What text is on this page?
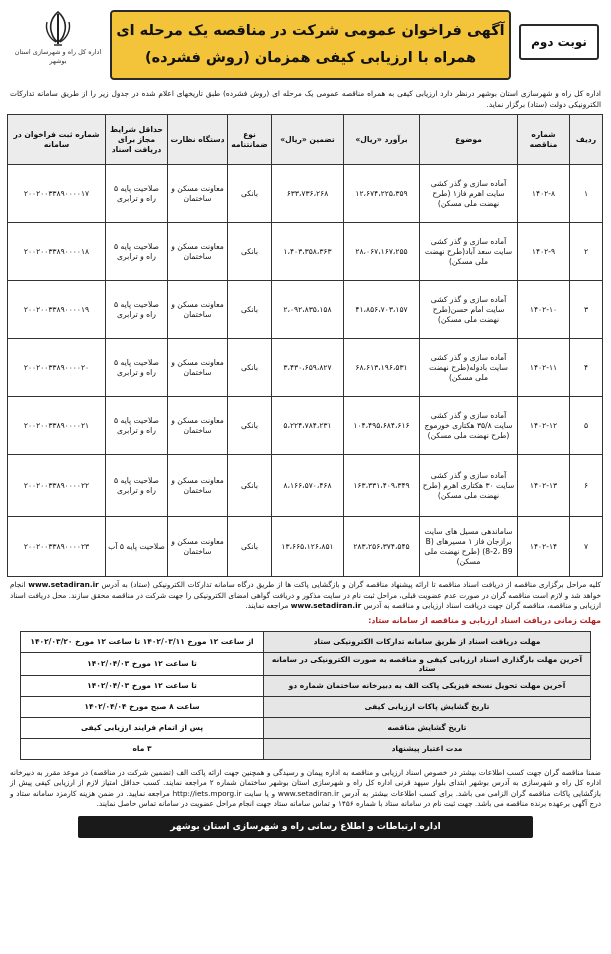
نوبت دوم
آگهی فراخوان عمومی شرکت در مناقصه یک مرحله ای
همراه با ارزیابی کیفی همزمان (روش فشرده)
اداره کل راه و شهرسازی استان بوشهر
اداره کل راه و شهرسازی استان بوشهر درنظر دارد ارزیابی کیفی به همراه مناقصه عمومی یک مرحله ای (روش فشرده) طبق تاریخهای اعلام شده در جدول زیر را از طریق سامانه تدارکات الکترونیکی دولت (ستاد) برگزار نماید.
ردیف	شماره مناقصه	موضوع	برآورد «ریال»	تضمین «ریال»	نوع ضمانتنامه	دستگاه نظارت	حداقل شرایط مجاز برای دریافت اسناد	شماره ثبت فراخوان در سامانه
۱	۱۴۰۲-۸	آماده سازی و گذر کشی سایت اهرم فاز۱ (طرح نهضت ملی مسکن)	۱۲،۶۷۴،۲۲۵،۳۵۹	۶۳۳،۷۳۶،۲۶۸	بانکی	معاونت مسکن و ساختمان	صلاحیت پایه ۵ راه و ترابری	۲۰۰۲۰۰۳۳۸۹۰۰۰۰۱۷
۲	۱۴۰۲-۹	آماده سازی و گذر کشی سایت سعد آباد(طرح نهضت ملی مسکن)	۲۸،۰۶۷،۱۶۷،۲۵۵	۱،۴۰۳،۳۵۸،۳۶۳	بانکی	معاونت مسکن و ساختمان	صلاحیت پایه ۵ راه و ترابری	۲۰۰۲۰۰۳۳۸۹۰۰۰۰۱۸
۳	۱۴۰۲-۱۰	آماده سازی و گذر کشی سایت امام حسن(طرح نهضت ملی مسکن)	۴۱،۸۵۶،۷۰۳،۱۵۷	۲،۰۹۲،۸۳۵،۱۵۸	بانکی	معاونت مسکن و ساختمان	صلاحیت پایه ۵ راه و ترابری	۲۰۰۲۰۰۳۳۸۹۰۰۰۰۱۹
۴	۱۴۰۲-۱۱	آماده سازی و گذر کشی سایت بادوله(طرح نهضت ملی مسکن)	۶۸،۶۱۳،۱۹۶،۵۳۱	۳،۴۳۰،۶۵۹،۸۲۷	بانکی	معاونت مسکن و ساختمان	صلاحیت پایه ۵ راه و ترابری	۲۰۰۲۰۰۳۳۸۹۰۰۰۰۲۰
۵	۱۴۰۲-۱۲	آماده سازی و گذر کشی سایت ۳۵/۸ هکتاری خورموج (طرح نهضت ملی مسکن)	۱۰۴،۴۹۵،۶۸۴،۶۱۶	۵،۲۲۴،۷۸۴،۲۳۱	بانکی	معاونت مسکن و ساختمان	صلاحیت پایه ۵ راه و ترابری	۲۰۰۲۰۰۳۳۸۹۰۰۰۰۲۱
۶	۱۴۰۲-۱۳	آماده سازی و گذر کشی سایت ۳۰ هکتاری اهرم (طرح نهضت ملی مسکن)	۱۶۳،۳۳۱،۴۰۹،۳۴۹	۸،۱۶۶،۵۷۰،۴۶۸	بانکی	معاونت مسکن و ساختمان	صلاحیت پایه ۵ راه و ترابری	۲۰۰۲۰۰۳۳۸۹۰۰۰۰۲۲
۷	۱۴۰۲-۱۴	ساماندهی مسیل های سایت برازجان فاز ۱ مسیرهای (B 8-2، B9) (طرح نهضت ملی مسکن)	۲۸۳،۲۵۶،۳۷۴،۵۴۵	۱۳،۶۶۵،۱۲۶،۸۵۱	بانکی	معاونت مسکن و ساختمان	صلاحیت پایه ۵ آب	۲۰۰۲۰۰۳۳۸۹۰۰۰۰۲۳
کلیه مراحل برگزاری مناقصه از دریافت اسناد مناقصه تا ارائه پیشنهاد مناقصه گران و بازگشایی پاکت ها از طریق درگاه سامانه تدارکات الکترونیکی (ستاد) به آدرس www.setadiran.ir انجام خواهد شد و لازم است مناقصه گران در صورت عدم عضویت قبلی، مراحل ثبت نام در سایت مذکور و دریافت گواهی امضای الکترونیکی را جهت شرکت در مناقصه محقق سازند. محل دریافت اسناد ارزیابی و مناقصه، مناقصه گران جهت دریافت اسناد ارزیابی و مناقصه به آدرس www.setadiran.ir مراجعه نمایند.
مهلت زمانی دریافت اسناد ارزیابی و مناقصه از سامانه ستاد:
مهلت دریافت اسناد از طریق سامانه تدارکات الکترونیکی ستاد	از ساعت ۱۲ مورخ ۱۴۰۲/۰۳/۱۱ تا ساعت ۱۲ مورخ ۱۴۰۲/۰۳/۲۰
آخرین مهلت بارگذاری اسناد ارزیابی کیفی و مناقصه به صورت الکترونیکی در سامانه ستاد	تا ساعت ۱۲ مورخ ۱۴۰۲/۰۴/۰۳
آخرین مهلت تحویل نسخه فیزیکی پاکت الف به دبیرخانه ساختمان شماره دو	تا ساعت ۱۲ مورخ ۱۴۰۲/۰۴/۰۳
تاریخ گشایش پاکات ارزیابی کیفی	ساعت ۸ صبح مورخ ۱۴۰۲/۰۴/۰۴
تاریخ گشایش مناقصه	پس از اتمام فرایند ارزیابی کیفی
مدت اعتبار پیشنهاد	۳ ماه
ضمنا مناقصه گران جهت کسب اطلاعات بیشتر در خصوص اسناد ارزیابی و مناقصه به اداره پیمان و رسیدگی و همچنین جهت ارائه پاکت الف (تضمین شرکت در مناقصه) در موعد مقرر به دبیرخانه اداره کل راه و شهرسازی به آدرس بوشهر ابتدای بلوار سپهد قرنی اداره کل راه و شهرسازی استان بوشهر ساختمان شماره ۲ مراجعه نمایند. کسب حداقل امتیاز لازم از ارزیابی کیفی پیش از بازگشایی پاکات مناقصه گران الزامی می باشد. برای کسب اطلاعات بیشتر به آدرس www.setadiran.ir و یا سایت http://iets.mporg.ir مراجعه نمایید. در ضمن هزینه کارمزد سامانه ستاد و درج آگهی برعهده برنده مناقصه می باشد. جهت ثبت نام در سامانه ستاد با شماره ۱۴۵۶ و تماس سامانه ستاد جهت انجام مراحل عضویت در سامانه تماس حاصل نمایند.
اداره ارتباطات و اطلاع رسانی راه و شهرسازی استان بوشهر
